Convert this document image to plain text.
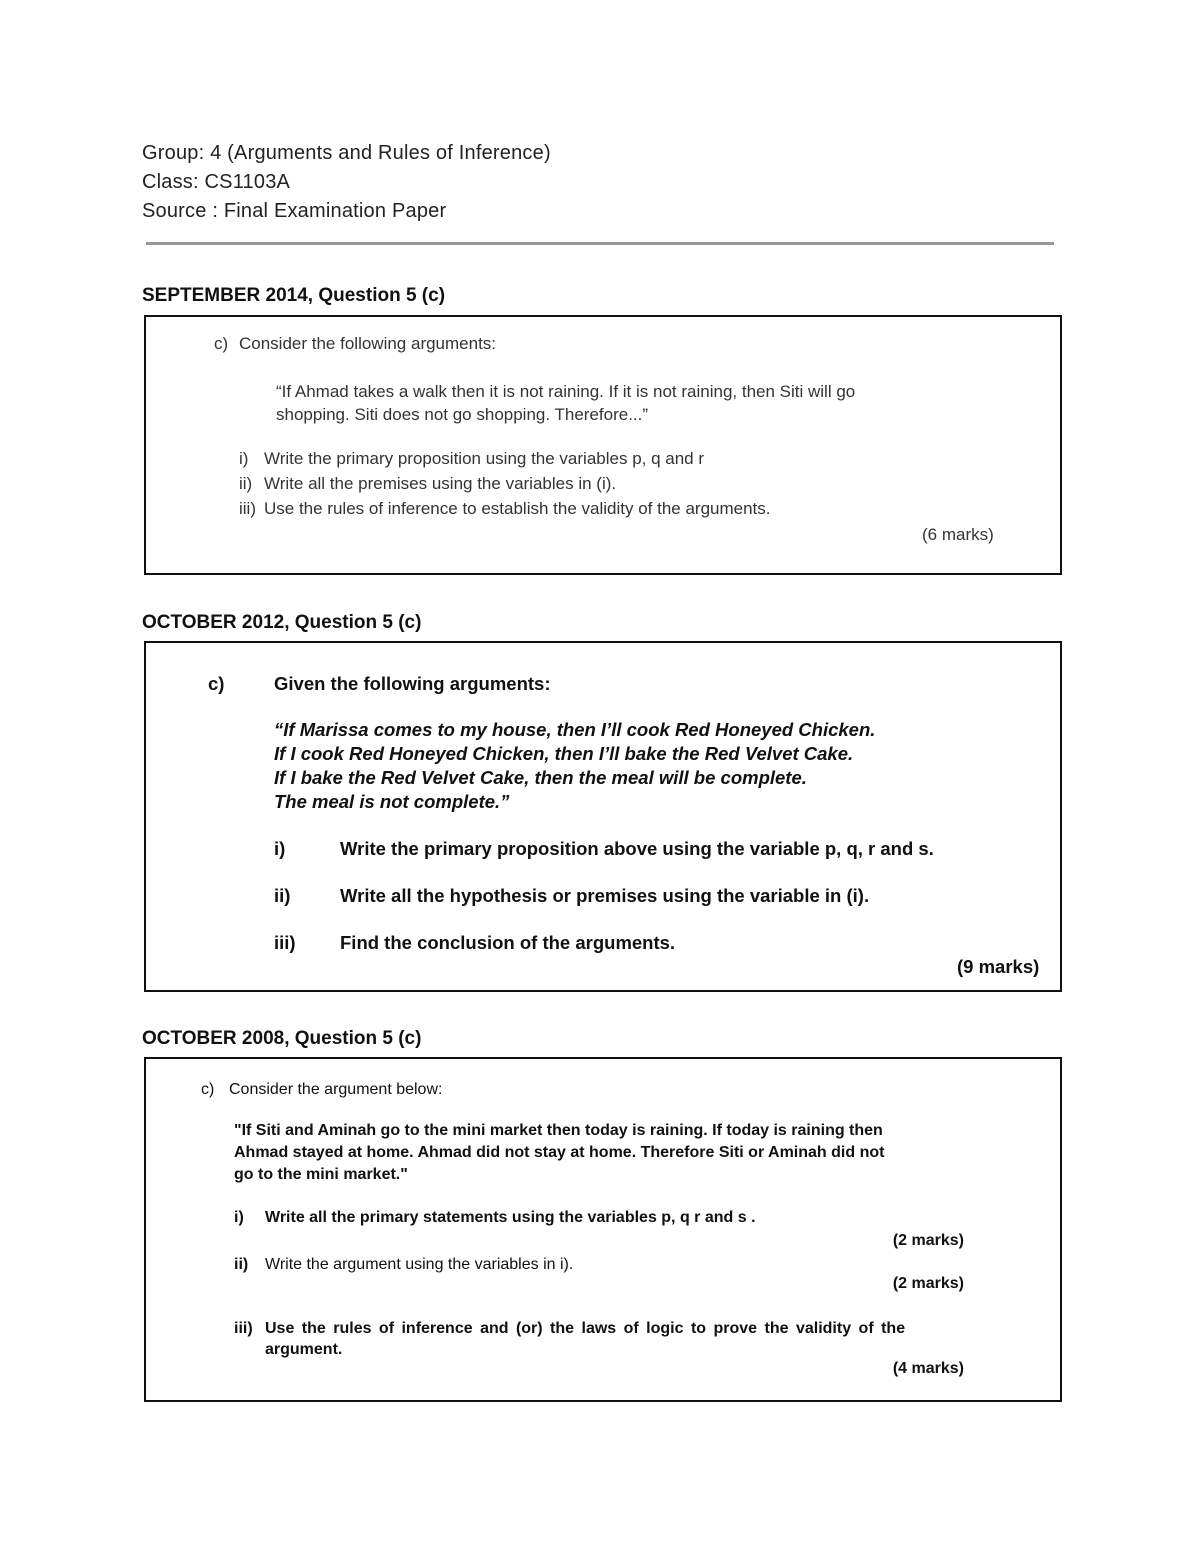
Group: 4 (Arguments and Rules of Inference)
Class: CS1103A
Source : Final Examination Paper
SEPTEMBER 2014, Question 5 (c)
c) Consider the following arguments:
“If Ahmad takes a walk then it is not raining. If it is not raining, then Siti will go
shopping. Siti does not go shopping. Therefore...”
i) Write the primary proposition using the variables p, q and r
ii) Write all the premises using the variables in (i).
iii) Use the rules of inference to establish the validity of the arguments.
(6 marks)
OCTOBER 2012, Question 5 (c)
c)	Given the following arguments:
“If Marissa comes to my house, then I’ll cook Red Honeyed Chicken.
If I cook Red Honeyed Chicken, then I’ll bake the Red Velvet Cake.
If I bake the Red Velvet Cake, then the meal will be complete.
The meal is not complete.”
i)	Write the primary proposition above using the variable p, q, r and s.
ii)	Write all the hypothesis or premises using the variable in (i).
iii) Find the conclusion of the arguments.
(9 marks)
OCTOBER 2008, Question 5 (c)
c) Consider the argument below:
"If Siti and Aminah go to the mini market then today is raining. If today is raining then
Ahmad stayed at home. Ahmad did not stay at home. Therefore Siti or Aminah did not
go to the mini market."
i) Write all the primary statements using the variables p, q r and s .
(2 marks)
ii) Write the argument using the variables in i).
(2 marks)
iii) Use the rules of inference and (or) the laws of logic to prove the validity of the
argument.
(4 marks)
